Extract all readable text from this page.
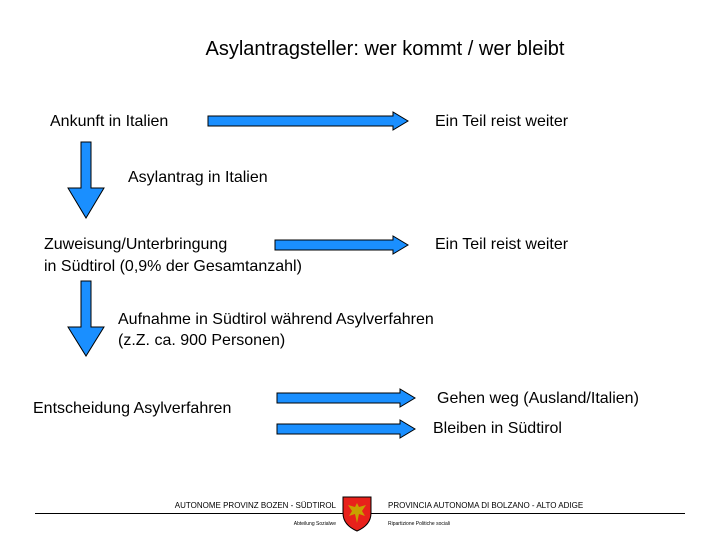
Asylantragsteller: wer kommt / wer bleibt
Ankunft in Italien	Ein Teil reist weiter
Asylantrag in Italien
Zuweisung/Unterbringung
in Südtirol (0,9% der Gesamtanzahl)
Ein Teil reist weiter
Aufnahme in Südtirol während Asylverfahren
(z.Z. ca. 900 Personen)
Entscheidung Asylverfahren
Gehen weg (Ausland/Italien)
Bleiben in Südtirol
AUTONOME PROVINZ BOZEN - SÜDTIROL
Abteilung Sozialwe
PROVINCIA AUTONOMA DI BOLZANO - ALTO ADIGE
Ripartizione Politiche sociali
